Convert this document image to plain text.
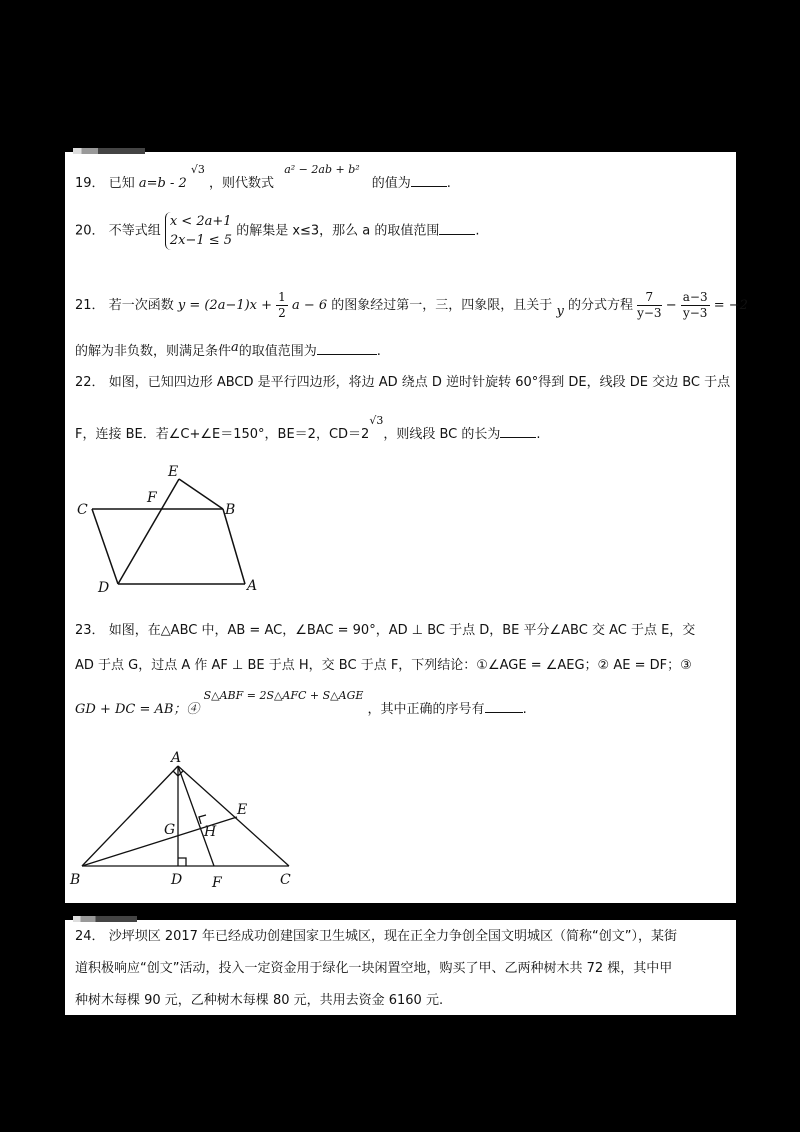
19． 已知 a=b - 2 $^{√3}$ ，则代数式 $^{a^2 - 2ab + b^2}$ 的值为	.
20． 不等式组
x < 2a+1
2x−1 ≤ 5
的解集是 x≤3，那么 a 的取值范围	.
21． 若一次函数 $y = (2a-1)x + \frac{1}{2}$ a − 6 的图象经过第一，三，四象限，且关于 y 的分式方程 $\frac{7}{y-3} - \frac{a-3}{y-3} = -2$
的解为非负数，则满足条件a的取值范围为	.
22． 如图，已知四边形 ABCD 是平行四边形，将边 AD 绕点 D 逆时针旋转 60°得到 DE，线段 DE 交边 BC 于点
F，连接 BE．若∠C+∠E＝150°，BE＝2，$CD=2^{√3}$，则线段 BC 的长为	.
E
F
C	B
D	A
23． 如图，在△ABC 中，AB = AC，∠BAC = 90°，AD ⊥ BC 于点 D，BE 平分∠ABC 交 AC 于点 E，交
AD 于点 G，过点 A 作 AF ⊥ BE 于点 H，交 BC 于点 F，下列结论：①∠AGE = ∠AEG；② AE = DF；③
GD + DC = AB；④ $^{S\triangle ABF = 2S\triangle AFC + S\triangle AGE}$ ，其中正确的序号有	.
A
B	C
D
E
F
G H
24． 沙坪坝区 2017 年已经成功创建国家卫生城区，现在正全力争创全国文明城区（简称“创文”），某街
道积极响应“创文”活动，投入一定资金用于绿化一块闲置空地，购买了甲、乙两种树木共 72 棵，其中甲
种树木每棵 90 元，乙种树木每棵 80 元，共用去资金 6160 元.
